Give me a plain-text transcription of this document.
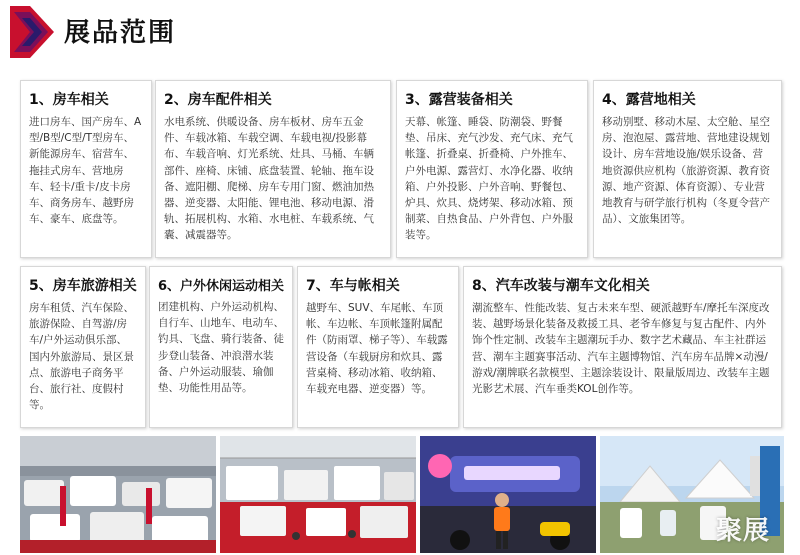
展品范围
1、房车相关
进口房车、国产房车、A型/B型/C型/T型房车、新能源房车、宿营车、拖挂式房车、营地房车、轻卡/重卡/皮卡房车、商务房车、越野房车、豪车、底盘等。
2、房车配件相关
水电系统、供暖设备、房车板材、房车五金件、车载冰箱、车载空调、车载电视/投影幕布、车载音响、灯光系统、灶具、马桶、车辆部件、座椅、床铺、底盘装置、轮轴、拖车设备、遮阳棚、爬梯、房车专用门窗、燃油加热器、逆变器、太阳能、锂电池、移动电源、滑轨、拓展机构、水箱、水电桩、车载系统、气囊、减震器等。
3、露营装备相关
天幕、帐篷、睡袋、防潮袋、野餐垫、吊床、充气沙发、充气床、充气帐篷、折叠桌、折叠椅、户外推车、户外电源、露营灯、水净化器、收纳箱、户外投影、户外音响、野餐包、炉具、炊具、烧烤架、移动冰箱、预制菜、自热食品、户外背包、户外服装等。
4、露营地相关
移动别墅、移动木屋、太空舱、星空房、泡泡屋、露营地、营地建设规划设计、房车营地设施/娱乐设备、营地资源供应机构（旅游资源、教育资源、地产资源、体育资源）、专业营地教育与研学旅行机构（冬夏令营产品）、文旅集团等。
5、房车旅游相关
房车租赁、汽车保险、旅游保险、自驾游/房车/户外运动俱乐部、国内外旅游局、景区景点、旅游电子商务平台、旅行社、度假村等。
6、户外休闲运动相关
团建机构、户外运动机构、自行车、山地车、电动车、钓具、飞盘、骑行装备、徒步登山装备、冲浪潜水装备、户外运动服装、瑜伽垫、功能性用品等。
7、车与帐相关
越野车、SUV、车尾帐、车顶帐、车边帐、车顶帐篷附属配件（防雨罩、梯子等）、车载露营设备（车载厨房和炊具、露营桌椅、移动冰箱、收纳箱、车载充电器、逆变器）等。
8、汽车改装与潮车文化相关
潮流整车、性能改装、复古未来车型、硬派越野车/摩托车深度改装、越野场景化装备及救援工具、老爷车修复与复古配件、内外饰个性定制、改装车主题潮玩手办、数字艺术藏品、车主社群运营、潮车主题赛事活动、汽车主题博物馆、汽车房车品牌×动漫/游戏/潮牌联名款模型、主题涂装设计、限量版周边、改装车主题光影艺术展、汽车垂类KOL创作等。
聚展
